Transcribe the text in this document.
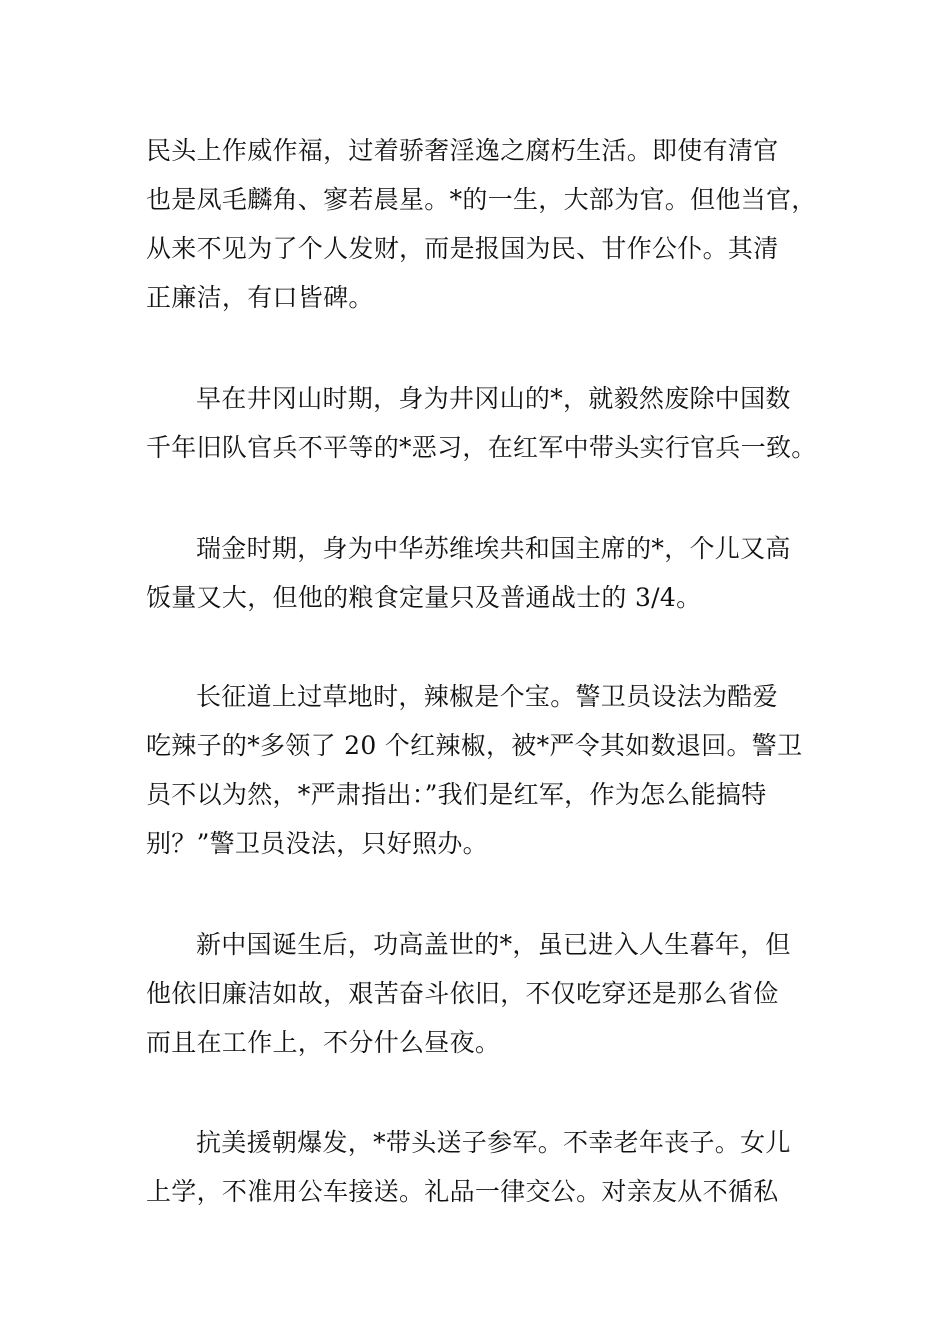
民头上作威作福，过着骄奢淫逸之腐朽生活。即使有清官
也是凤毛麟角、寥若晨星。*的一生，大部为官。但他当官，
从来不见为了个人发财，而是报国为民、甘作公仆。其清
正廉洁，有口皆碑。
早在井冈山时期，身为井冈山的*，就毅然废除中国数
千年旧队官兵不平等的*恶习，在红军中带头实行官兵一致。
瑞金时期，身为中华苏维埃共和国主席的*，个儿又高
饭量又大，但他的粮食定量只及普通战士的 3/4。
长征道上过草地时，辣椒是个宝。警卫员设法为酷爱
吃辣子的*多领了 20 个红辣椒，被*严令其如数退回。警卫
员不以为然，*严肃指出：”我们是红军，作为怎么能搞特
别？”警卫员没法，只好照办。
新中国诞生后，功高盖世的*，虽已进入人生暮年，但
他依旧廉洁如故，艰苦奋斗依旧，不仅吃穿还是那么省俭
而且在工作上，不分什么昼夜。
抗美援朝爆发，*带头送子参军。不幸老年丧子。女儿
上学，不准用公车接送。礼品一律交公。对亲友从不循私
